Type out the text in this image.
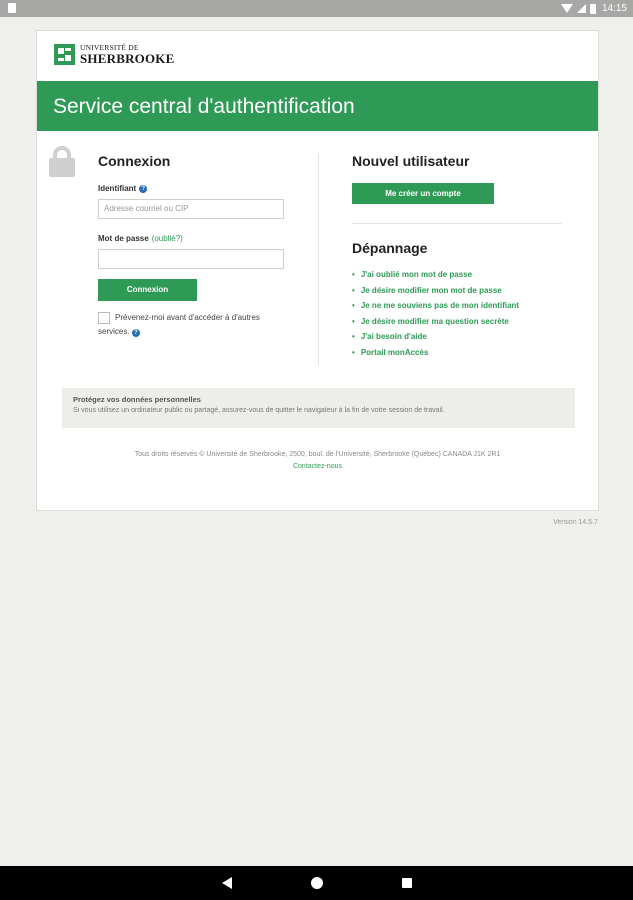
14:15
UNIVERSITÉ DE
SHERBROOKE
Service central d'authentification
Connexion
Identifiant ?
Adresse courriel ou CIP
Mot de passe (oublié?)
Connexion
Prévenez-moi avant d'accéder à d'autres services. ?
Nouvel utilisateur
Me créer un compte
Dépannage
• J'ai oublié mon mot de passe
• Je désire modifier mon mot de passe
• Je ne me souviens pas de mon identifiant
• Je désire modifier ma question secrète
• J'ai besoin d'aide
• Portail monAccès
Protégez vos données personnelles
Si vous utilisez un ordinateur public ou partagé, assurez-vous de quitter le navigateur à la fin de votre session de travail.
Tous droits réservés © Université de Sherbrooke, 2500, boul. de l'Université, Sherbrooke (Québec) CANADA J1K 2R1
Contactez-nous
Version 14.5.7
